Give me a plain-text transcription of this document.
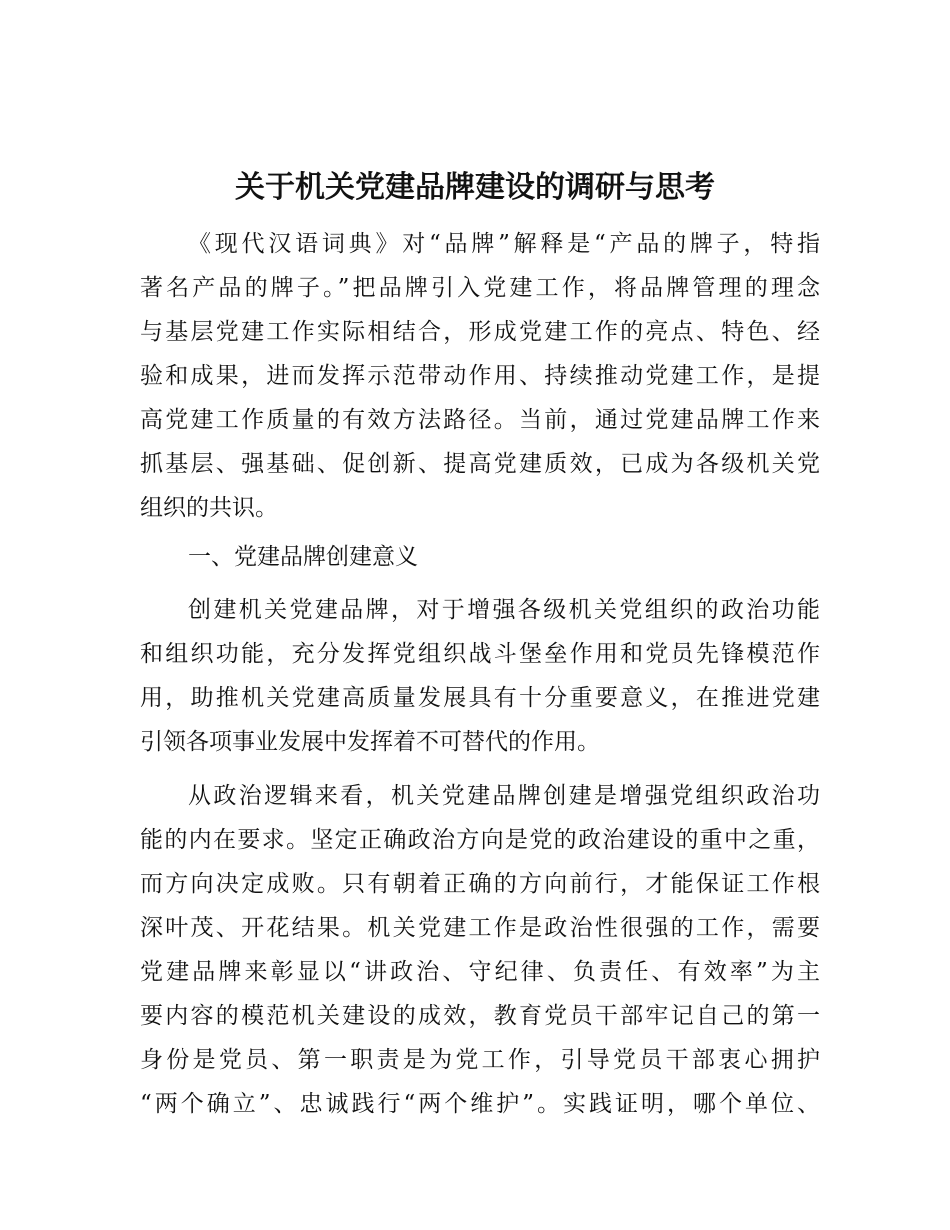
关于机关党建品牌建设的调研与思考
《现代汉语词典》对“品牌”解释是“产品的牌子，特指
著名产品的牌子。”把品牌引入党建工作，将品牌管理的理念
与基层党建工作实际相结合，形成党建工作的亮点、特色、经
验和成果，进而发挥示范带动作用、持续推动党建工作，是提
高党建工作质量的有效方法路径。当前，通过党建品牌工作来
抓基层、强基础、促创新、提高党建质效，已成为各级机关党
组织的共识。
一、党建品牌创建意义
创建机关党建品牌，对于增强各级机关党组织的政治功能
和组织功能，充分发挥党组织战斗堡垒作用和党员先锋模范作
用，助推机关党建高质量发展具有十分重要意义，在推进党建
引领各项事业发展中发挥着不可替代的作用。
从政治逻辑来看，机关党建品牌创建是增强党组织政治功
能的内在要求。坚定正确政治方向是党的政治建设的重中之重，
而方向决定成败。只有朝着正确的方向前行，才能保证工作根
深叶茂、开花结果。机关党建工作是政治性很强的工作，需要
党建品牌来彰显以“讲政治、守纪律、负责任、有效率”为主
要内容的模范机关建设的成效，教育党员干部牢记自己的第一
身份是党员、第一职责是为党工作，引导党员干部衷心拥护
“两个确立”、忠诚践行“两个维护”。实践证明，哪个单位、
